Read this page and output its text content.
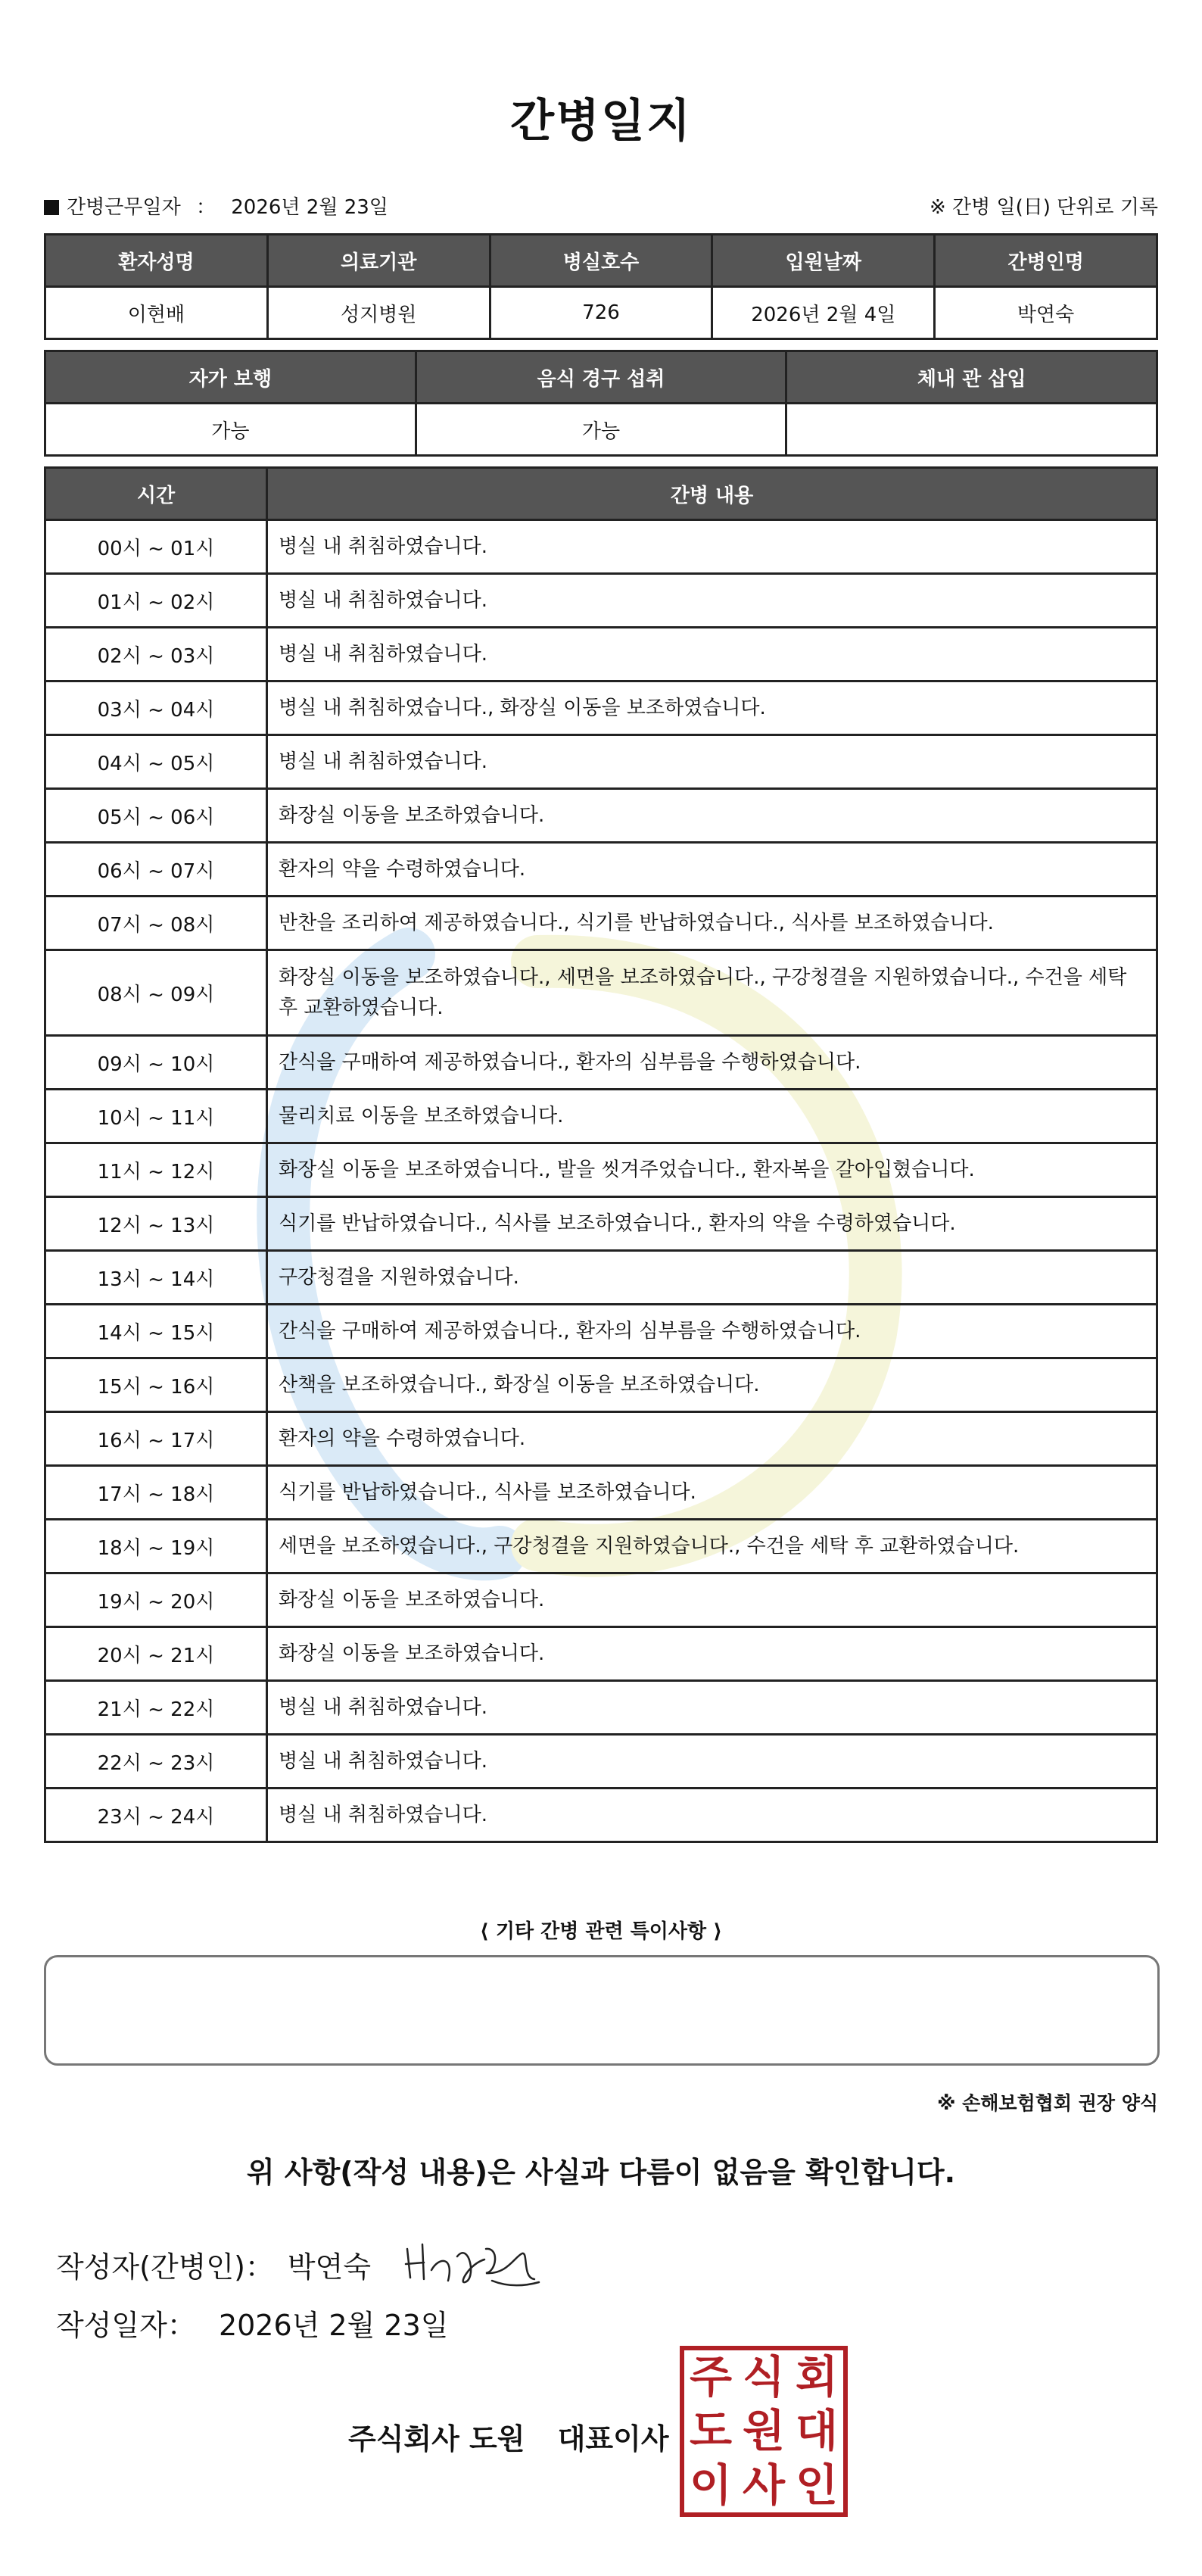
간병일지
간병근무일자 ： 2026년 2월 23일	※ 간병 일(日) 단위로 기록
환자성명	의료기관	병실호수	입원날짜	간병인명
이현배	성지병원	726	2026년 2월 4일	박연숙
자가 보행	음식 경구 섭취	체내 관 삽입
가능	가능	
시간	간병 내용
00시 ~ 01시	병실 내 취침하였습니다.
01시 ~ 02시	병실 내 취침하였습니다.
02시 ~ 03시	병실 내 취침하였습니다.
03시 ~ 04시	병실 내 취침하였습니다., 화장실 이동을 보조하였습니다.
04시 ~ 05시	병실 내 취침하였습니다.
05시 ~ 06시	화장실 이동을 보조하였습니다.
06시 ~ 07시	환자의 약을 수령하였습니다.
07시 ~ 08시	반찬을 조리하여 제공하였습니다., 식기를 반납하였습니다., 식사를 보조하였습니다.
08시 ~ 09시	화장실 이동을 보조하였습니다., 세면을 보조하였습니다., 구강청결을 지원하였습니다., 수건을 세탁 후 교환하였습니다.
09시 ~ 10시	간식을 구매하여 제공하였습니다., 환자의 심부름을 수행하였습니다.
10시 ~ 11시	물리치료 이동을 보조하였습니다.
11시 ~ 12시	화장실 이동을 보조하였습니다., 발을 씻겨주었습니다., 환자복을 갈아입혔습니다.
12시 ~ 13시	식기를 반납하였습니다., 식사를 보조하였습니다., 환자의 약을 수령하였습니다.
13시 ~ 14시	구강청결을 지원하였습니다.
14시 ~ 15시	간식을 구매하여 제공하였습니다., 환자의 심부름을 수행하였습니다.
15시 ~ 16시	산책을 보조하였습니다., 화장실 이동을 보조하였습니다.
16시 ~ 17시	환자의 약을 수령하였습니다.
17시 ~ 18시	식기를 반납하였습니다., 식사를 보조하였습니다.
18시 ~ 19시	세면을 보조하였습니다., 구강청결을 지원하였습니다., 수건을 세탁 후 교환하였습니다.
19시 ~ 20시	화장실 이동을 보조하였습니다.
20시 ~ 21시	화장실 이동을 보조하였습니다.
21시 ~ 22시	병실 내 취침하였습니다.
22시 ~ 23시	병실 내 취침하였습니다.
23시 ~ 24시	병실 내 취침하였습니다.
⟨ 기타 간병 관련 특이사항 ⟩
※ 손해보험협회 권장 양식
위 사항(작성 내용)은 사실과 다름이 없음을 확인합니다.
작성자(간병인)： 박연숙
작성일자： 2026년 2월 23일
주식회사 도원 대표이사
주 식 회
도 원 대
이 사 인
